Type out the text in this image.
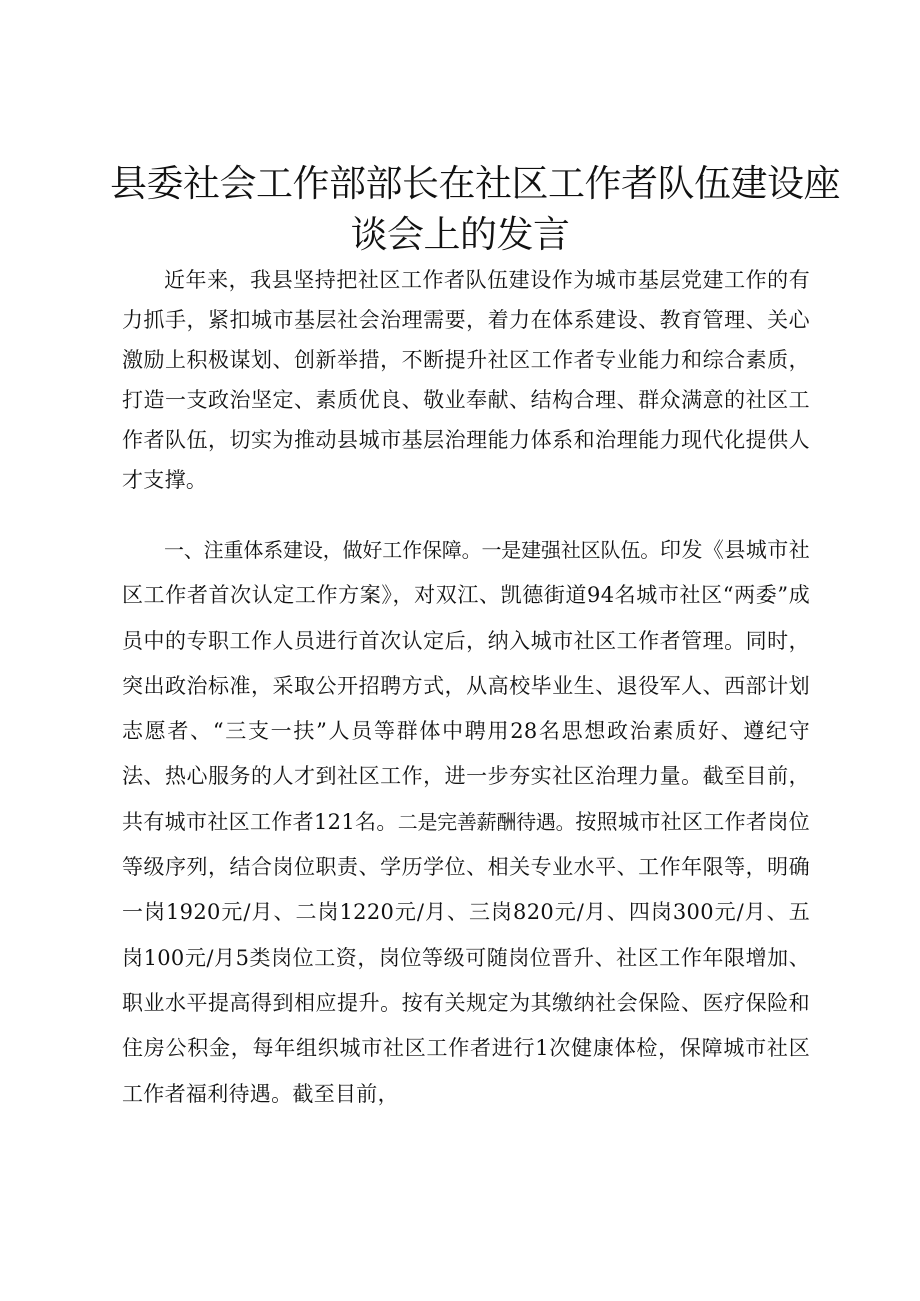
县委社会工作部部长在社区工作者队伍建设座
谈会上的发言

近年来，我县坚持把社区工作者队伍建设作为城市基层党建工作的有力抓手，紧扣城市基层社会治理需要，着力在体系建设、教育管理、关心激励上积极谋划、创新举措，不断提升社区工作者专业能力和综合素质，打造一支政治坚定、素质优良、敬业奉献、结构合理、群众满意的社区工作者队伍，切实为推动县城市基层治理能力体系和治理能力现代化提供人才支撑。

一、注重体系建设，做好工作保障。一是建强社区队伍。印发《县城市社区工作者首次认定工作方案》，对双江、凯德街道94名城市社区“两委”成员中的专职工作人员进行首次认定后，纳入城市社区工作者管理。同时，突出政治标准，采取公开招聘方式，从高校毕业生、退役军人、西部计划志愿者、“三支一扶”人员等群体中聘用28名思想政治素质好、遵纪守法、热心服务的人才到社区工作，进一步夯实社区治理力量。截至目前，共有城市社区工作者121名。二是完善薪酬待遇。按照城市社区工作者岗位等级序列，结合岗位职责、学历学位、相关专业水平、工作年限等，明确一岗1920元/月、二岗1220元/月、三岗820元/月、四岗300元/月、五岗100元/月5类岗位工资，岗位等级可随岗位晋升、社区工作年限增加、职业水平提高得到相应提升。按有关规定为其缴纳社会保险、医疗保险和住房公积金，每年组织城市社区工作者进行1次健康体检，保障城市社区工作者福利待遇。截至目前，
